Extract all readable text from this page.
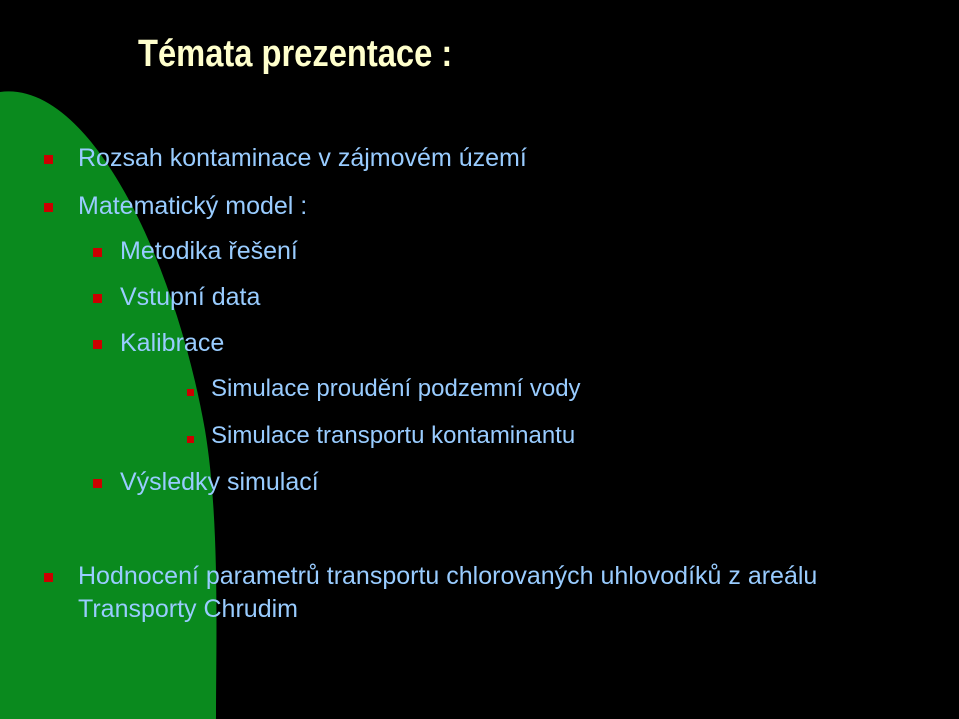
Témata prezentace :
Rozsah kontaminace v zájmovém území
Matematický model :
Metodika řešení
Vstupní data
Kalibrace
Simulace proudění podzemní vody
Simulace transportu kontaminantu
Výsledky simulací
Hodnocení parametrů transportu chlorovaných uhlovodíků z areálu Transporty Chrudim
